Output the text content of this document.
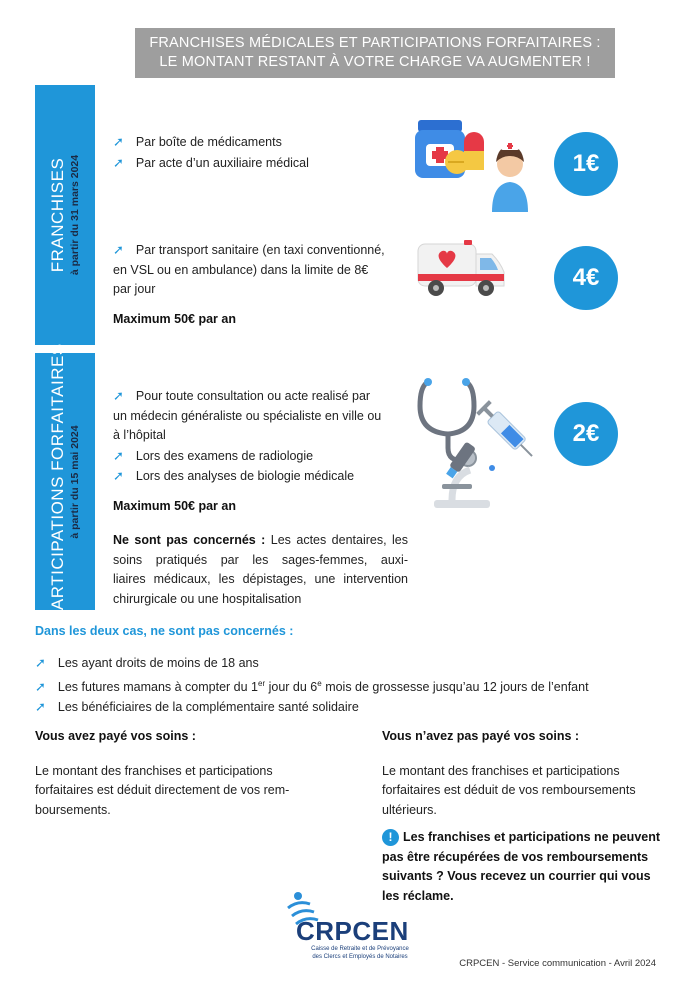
FRANCHISES MÉDICALES ET PARTICIPATIONS FORFAITAIRES :
LE MONTANT RESTANT À VOTRE CHARGE VA AUGMENTER !
FRANCHISES à partir du 31 mars 2024
➚ Par boîte de médicaments
➚ Par acte d’un auxiliaire médical	1€
➚ Par transport sanitaire (en taxi conventionné,
en VSL ou en ambulance) dans la limite de 8€
par jour	4€
Maximum 50€ par an
PARTICIPATIONS FORFAITAIRES à partir du 15 mai 2024
➚ Pour toute consultation ou acte realisé par
un médecin généraliste ou spécialiste en ville ou
à l’hôpital
➚ Lors des examens de radiologie
➚ Lors des analyses de biologie médicale
2€
Maximum 50€ par an
Ne sont pas concernés : Les actes dentaires, les
soins pratiqués par les sages-femmes, auxi-
liaires médicaux, les dépistages, une intervention
chirurgicale ou une hospitalisation
Dans les deux cas, ne sont pas concernés :
➚ Les ayant droits de moins de 18 ans
➚ Les futures mamans à compter du 1er jour du 6e mois de grossesse jusqu’au 12 jours de l’enfant
➚ Les bénéficiaires de la complémentaire santé solidaire
Vous avez payé vos soins :
Le montant des franchises et participations
forfaitaires est déduit directement de vos rem-
boursements.
Vous n’avez pas payé vos soins :
Le montant des franchises et participations
forfaitaires est déduit de vos remboursements
ultérieurs.
! Les franchises et participations ne peuvent
pas être récupérées de vos remboursements
suivants ? Vous recevez un courrier qui vous
les réclame.
CRPCEN
Caisse de Retraite et de Prévoyance
des Clercs et Employés de Notaires
CRPCEN - Service communication - Avril 2024
